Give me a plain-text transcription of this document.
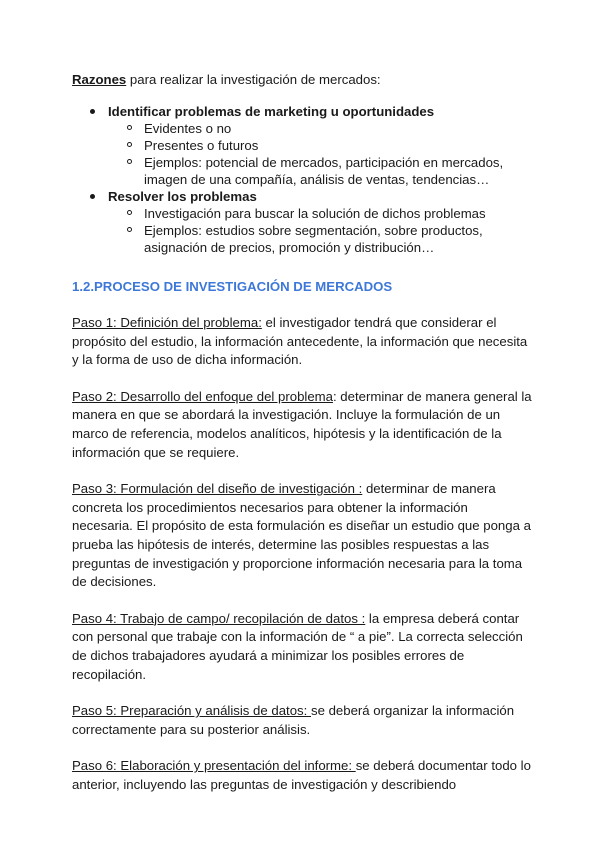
Razones para realizar la investigación de mercados:

Identificar problemas de marketing u oportunidades
Evidentes o no
Presentes o futuros
Ejemplos: potencial de mercados, participación en mercados, imagen de una compañía, análisis de ventas, tendencias…
Resolver los problemas
Investigación para buscar la solución de dichos problemas
Ejemplos: estudios sobre segmentación, sobre productos, asignación de precios, promoción y distribución…
1.2.PROCESO DE INVESTIGACIÓN DE MERCADOS

Paso 1: Definición del problema: el investigador tendrá que considerar el propósito del estudio, la información antecedente, la información que necesita y la forma de uso de dicha información.

Paso 2: Desarrollo del enfoque del problema: determinar de manera general la manera en que se abordará la investigación. Incluye la formulación de un marco de referencia, modelos analíticos, hipótesis y la identificación de la información que se requiere.

Paso 3: Formulación del diseño de investigación : determinar de manera concreta los procedimientos necesarios para obtener la información necesaria. El propósito de esta formulación es diseñar un estudio que ponga a prueba las hipótesis de interés, determine las posibles respuestas a las preguntas de investigación y proporcione información necesaria para la toma de decisiones.

Paso 4: Trabajo de campo/ recopilación de datos : la empresa deberá contar con personal que trabaje con la información de “ a pie”. La correcta selección de dichos trabajadores ayudará a minimizar los posibles errores de recopilación.

Paso 5: Preparación y análisis de datos: se deberá organizar la información correctamente para su posterior análisis.

Paso 6: Elaboración y presentación del informe: se deberá documentar todo lo anterior, incluyendo las preguntas de investigación y describiendo
